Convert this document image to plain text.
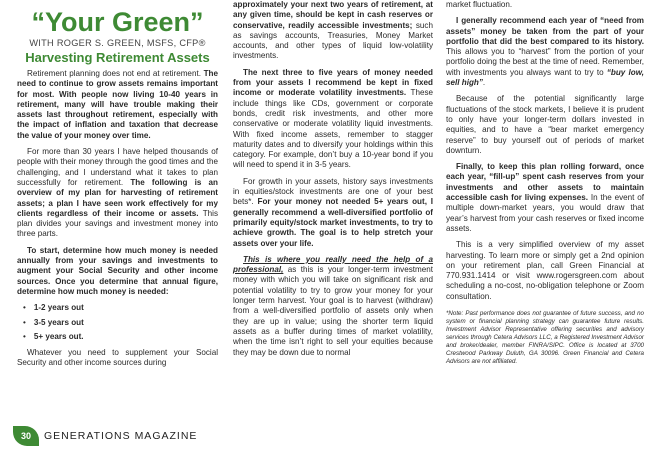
“Your Green”
WITH ROGER S. GREEN, MSFS, CFP®
Harvesting Retirement Assets

Retirement planning does not end at retirement. The need to continue to grow assets remains important for most. With people now living 10-40 years in retirement, many will have trouble making their assets last throughout retirement, especially with the impact of inflation and taxation that decrease the value of your money over time.

For more than 30 years I have helped thousands of people with their money through the good times and the challenging, and I understand what it takes to plan successfully for retirement. The following is an overview of my plan for harvesting of retirement assets; a plan I have seen work effectively for my clients regardless of their income or assets. This plan divides your savings and investment money into three parts.

To start, determine how much money is needed annually from your savings and investments to augment your Social Security and other income sources. Once you determine that annual figure, determine how much money is needed:

• 1-2 years out
• 3-5 years out
• 5+ years out.

Whatever you need to supplement your Social Security and other income sources during

approximately your next two years of retirement, at any given time, should be kept in cash reserves or conservative, readily accessible investments; such as savings accounts, Treasuries, Money Market accounts, and other types of liquid low-volatility investments.

The next three to five years of money needed from your assets I recommend be kept in fixed income or moderate volatility investments. These include things like CDs, government or corporate bonds, credit risk investments, and other more conservative or moderate volatility liquid investments. With fixed income assets, remember to stagger maturity dates and to diversify your holdings within this category. For example, don’t buy a 10-year bond if you will need to spend it in 3-5 years.

For growth in your assets, history says investments in equities/stock investments are one of your best bets*. For your money not needed 5+ years out, I generally recommend a well-diversified portfolio of primarily equity/stock market investments, to try to achieve growth. The goal is to help stretch your assets over your life.

This is where you really need the help of a professional, as this is your longer-term investment money with which you will take on significant risk and potential volatility to try to grow your money for your longer term harvest. Your goal is to harvest (withdraw) from a well-diversified portfolio of assets only when they are up in value; using the shorter term liquid assets as a buffer during times of market volatility, when the time isn’t right to sell your equities because they may be down due to normal

market fluctuation.

I generally recommend each year of “need from assets” money be taken from the part of your portfolio that did the best compared to its history. This allows you to “harvest” from the portion of your portfolio doing the best at the time of need. Remember, with investments you always want to try to “buy low, sell high”.

Because of the potential significantly large fluctuations of the stock markets, I believe it is prudent to only have your longer-term dollars invested in equities, and to have a “bear market emergency reserve” to buy yourself out of periods of market downturn.

Finally, to keep this plan rolling forward, once each year, “fill-up” spent cash reserves from your investments and other assets to maintain accessible cash for living expenses. In the event of multiple down-market years, you would draw that year’s harvest from your cash reserves or fixed income assets.

This is a very simplified overview of my asset harvesting. To learn more or simply get a 2nd opinion on your retirement plan, call Green Financial at 770.931.1414 or visit www.rogersgreen.com about scheduling a no-cost, no-obligation telephone or Zoom consultation.

*Note: Past performance does not guarantee of future success, and no system or financial planning strategy can guarantee future results. Investment Advisor Representative offering securities and advisory services through Cetera Advisors LLC, a Registered Investment Advisor and broker/dealer, member FINRA/SIPC. Office is located at 3700 Crestwood Parkway Duluth, GA 30096. Green Financial and Cetera Advisors are not affiliated.
30 GENERATIONS MAGAZINE
